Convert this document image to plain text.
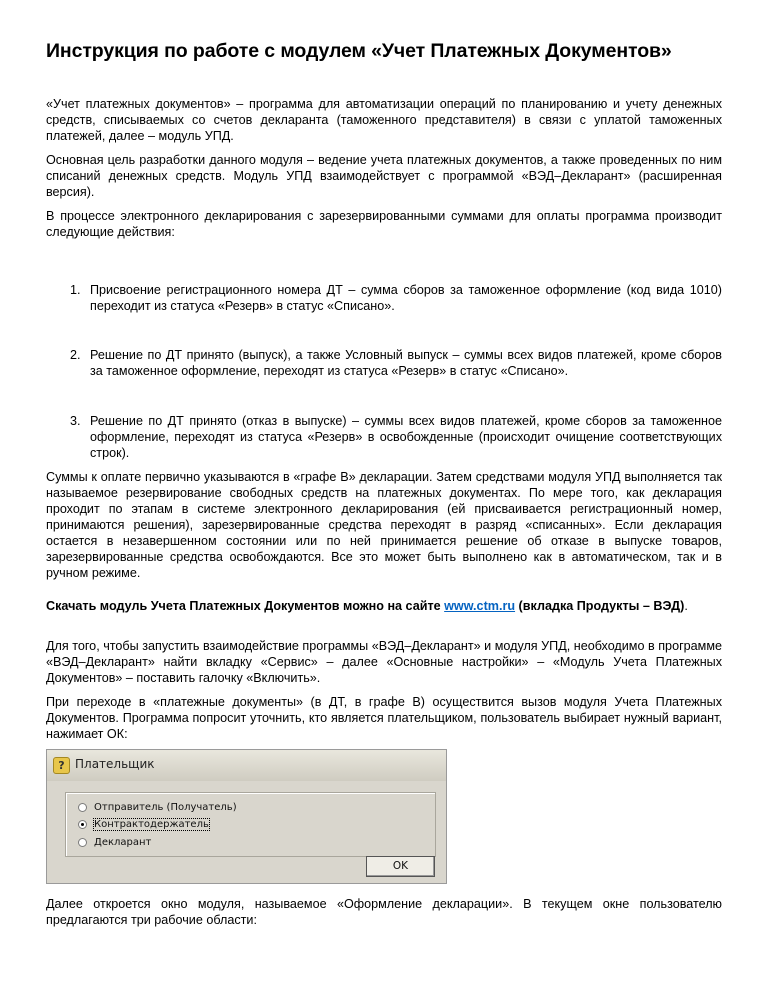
Инструкция по работе с модулем «Учет Платежных Документов»

«Учет платежных документов» – программа для автоматизации операций по планированию и учету денежных средств, списываемых со счетов декларанта (таможенного представителя) в связи с уплатой таможенных платежей, далее – модуль УПД.

Основная цель разработки данного модуля – ведение учета платежных документов, а также проведенных по ним списаний денежных средств. Модуль УПД взаимодействует с программой «ВЭД–Декларант» (расширенная версия).

В процессе электронного декларирования с зарезервированными суммами для оплаты программа производит следующие действия:

1. Присвоение регистрационного номера ДТ – сумма сборов за таможенное оформление (код вида 1010) переходит из статуса «Резерв» в статус «Списано».
2. Решение по ДТ принято (выпуск), а также Условный выпуск – суммы всех видов платежей, кроме сборов за таможенное оформление, переходят из статуса «Резерв» в статус «Списано».
3. Решение по ДТ принято (отказ в выпуске) – суммы всех видов платежей, кроме сборов за таможенное оформление, переходят из статуса «Резерв» в освобожденные (происходит очищение соответствующих строк).

Суммы к оплате первично указываются в «графе В» декларации. Затем средствами модуля УПД выполняется так называемое резервирование свободных средств на платежных документах. По мере того, как декларация проходит по этапам в системе электронного декларирования (ей присваивается регистрационный номер, принимаются решения), зарезервированные средства переходят в разряд «списанных». Если декларация остается в незавершенном состоянии или по ней принимается решение об отказе в выпуске товаров, зарезервированные средства освобождаются. Все это может быть выполнено как в автоматическом, так и в ручном режиме.

Скачать модуль Учета Платежных Документов можно на сайте www.ctm.ru (вкладка Продукты – ВЭД).

Для того, чтобы запустить взаимодействие программы «ВЭД–Декларант» и модуля УПД, необходимо в программе «ВЭД–Декларант» найти вкладку «Сервис» – далее «Основные настройки» – «Модуль Учета Платежных Документов» – поставить галочку «Включить».

При переходе в «платежные документы» (в ДТ, в графе В) осуществится вызов модуля Учета Платежных Документов. Программа попросит уточнить, кто является плательщиком, пользователь выбирает нужный вариант, нажимает ОК:

? Плательщик
Отправитель (Получатель)
Контрактодержатель
Декларант
OK

Далее откроется окно модуля, называемое «Оформление декларации». В текущем окне пользователю предлагаются три рабочие области:
